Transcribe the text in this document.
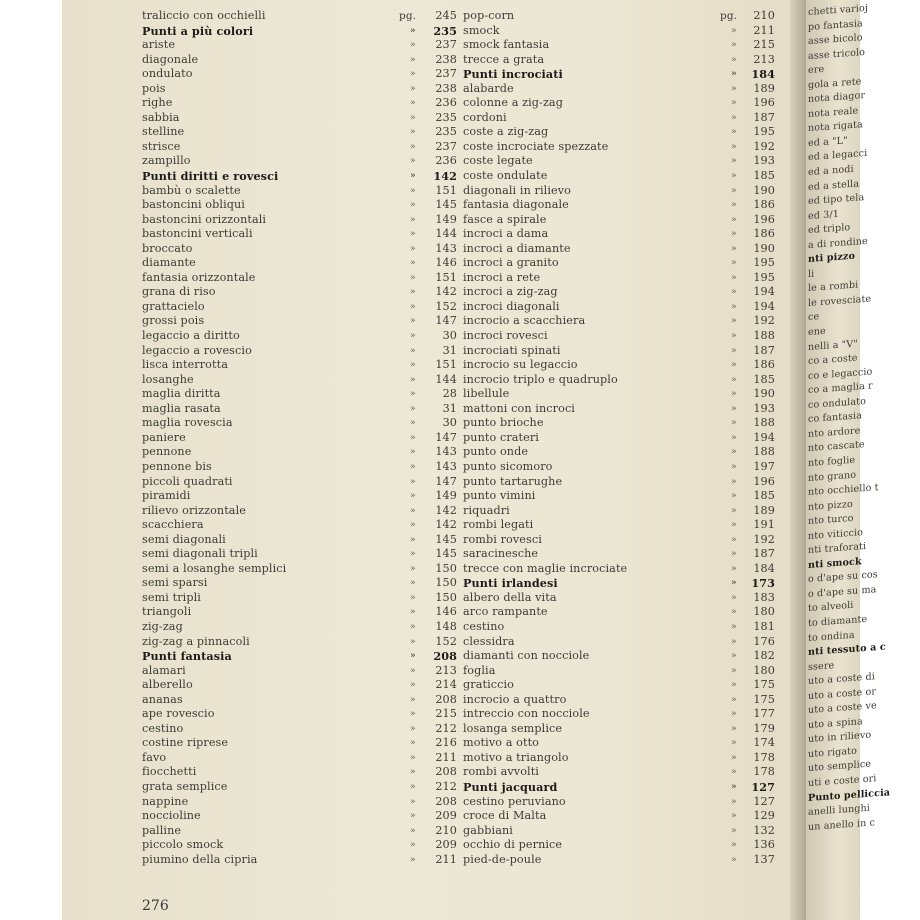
traliccio con occhielli	pg.	245
Punti a più colori	»	235
ariste	»	237
diagonale	»	238
ondulato	»	237
pois	»	238
righe	»	236
sabbia	»	235
stelline	»	235
strisce	»	237
zampillo	»	236
Punti diritti e rovesci	»	142
bambù o scalette	»	151
bastoncini obliqui	»	145
bastoncini orizzontali	»	149
bastoncini verticali	»	144
broccato	»	143
diamante	»	146
fantasia orizzontale	»	151
grana di riso	»	142
grattacielo	»	152
grossi pois	»	147
legaccio a diritto	»	30
legaccio a rovescio	»	31
lisca interrotta	»	151
losanghe	»	144
maglia diritta	»	28
maglia rasata	»	31
maglia rovescia	»	30
paniere	»	147
pennone	»	143
pennone bis	»	143
piccoli quadrati	»	147
piramidi	»	149
rilievo orizzontale	»	142
scacchiera	»	142
semi diagonali	»	145
semi diagonali tripli	»	145
semi a losanghe semplici	»	150
semi sparsi	»	150
semi tripli	»	150
triangoli	»	146
zig-zag	»	148
zig-zag a pinnacoli	»	152
Punti fantasia	»	208
alamari	»	213
alberello	»	214
ananas	»	208
ape rovescio	»	215
cestino	»	212
costine riprese	»	216
favo	»	211
fiocchetti	»	208
grata semplice	»	212
nappine	»	208
noccioline	»	209
palline	»	210
piccolo smock	»	209
piumino della cipria	»	211
pop-corn	pg.	210
smock	»	211
smock fantasia	»	215
trecce a grata	»	213
Punti incrociati	»	184
alabarde	»	189
colonne a zig-zag	»	196
cordoni	»	187
coste a zig-zag	»	195
coste incrociate spezzate	»	192
coste legate	»	193
coste ondulate	»	185
diagonali in rilievo	»	190
fantasia diagonale	»	186
fasce a spirale	»	196
incroci a dama	»	186
incroci a diamante	»	190
incroci a granito	»	195
incroci a rete	»	195
incroci a zig-zag	»	194
incroci diagonali	»	194
incrocio a scacchiera	»	192
incroci rovesci	»	188
incrociati spinati	»	187
incrocio su legaccio	»	186
incrocio triplo e quadruplo	»	185
libellule	»	190
mattoni con incroci	»	193
punto brioche	»	188
punto crateri	»	194
punto onde	»	188
punto sicomoro	»	197
punto tartarughe	»	196
punto vimini	»	185
riquadri	»	189
rombi legati	»	191
rombi rovesci	»	192
saracinesche	»	187
trecce con maglie incrociate	»	184
Punti irlandesi	»	173
albero della vita	»	183
arco rampante	»	180
cestino	»	181
clessidra	»	176
diamanti con nocciole	»	182
foglia	»	180
graticcio	»	175
incrocio a quattro	»	175
intreccio con nocciole	»	177
losanga semplice	»	179
motivo a otto	»	174
motivo a triangolo	»	178
rombi avvolti	»	178
Punti jacquard	»	127
cestino peruviano	»	127
croce di Malta	»	129
gabbiani	»	132
occhio di pernice	»	136
pied-de-poule	»	137
chetti varioj
po fantasia
asse bicolo
asse tricolo
ere
gola a rete
nota diagor
nota reale
nota rigata
ed a "L"
ed a legacci
ed a nodi
ed a stella
ed tipo tela
ed 3/1
ed triplo
a di rondine
nti pizzo
li
le a rombi
le rovesciate
ce
ene
nelli a "V"
co a coste
co e legaccio
co a maglia r
co ondulato
co fantasia
nto ardore
nto cascate
nto foglie
nto grano
nto occhiello t
nto pizzo
nto turco
nto viticcio
nti traforati
nti smock
o d'ape su cos
o d'ape su ma
to alveoli
to diamante
to ondina
nti tessuto a c
ssere
uto a coste di
uto a coste or
uto a coste ve
uto a spina
uto in rilievo
uto rigato
uto semplice
uti e coste ori
Punto pelliccia
anelli lunghi
un anello in c
276
